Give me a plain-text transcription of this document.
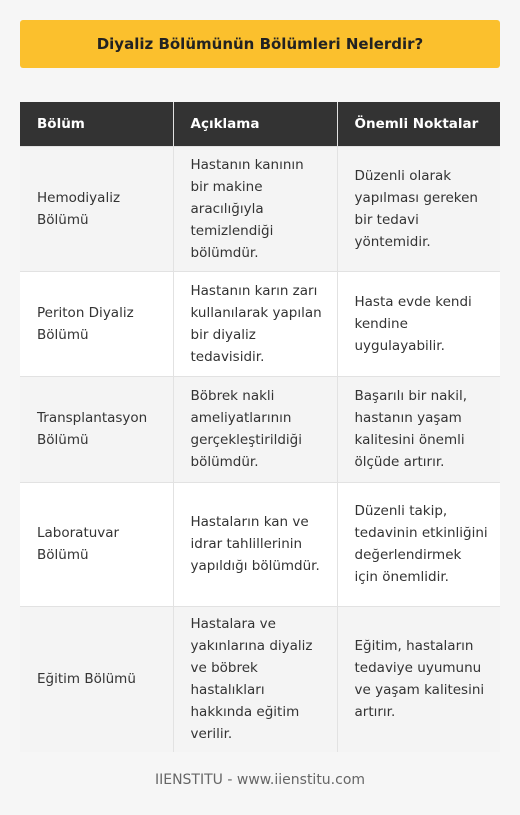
Diyaliz Bölümünün Bölümleri Nelerdir?
Bölüm	Açıklama	Önemli Noktalar
Hemodiyaliz Bölümü	Hastanın kanının bir makine aracılığıyla temizlendiği bölümdür.	Düzenli olarak yapılması gereken bir tedavi yöntemidir.
Periton Diyaliz Bölümü	Hastanın karın zarı kullanılarak yapılan bir diyaliz tedavisidir.	Hasta evde kendi kendine uygulayabilir.
Transplantasyon Bölümü	Böbrek nakli ameliyatlarının gerçekleştirildiği bölümdür.	Başarılı bir nakil, hastanın yaşam kalitesini önemli ölçüde artırır.
Laboratuvar Bölümü	Hastaların kan ve idrar tahlillerinin yapıldığı bölümdür.	Düzenli takip, tedavinin etkinliğini değerlendirmek için önemlidir.
Eğitim Bölümü	Hastalara ve yakınlarına diyaliz ve böbrek hastalıkları hakkında eğitim verilir.	Eğitim, hastaların tedaviye uyumunu ve yaşam kalitesini artırır.
IIENSTITU - www.iienstitu.com
